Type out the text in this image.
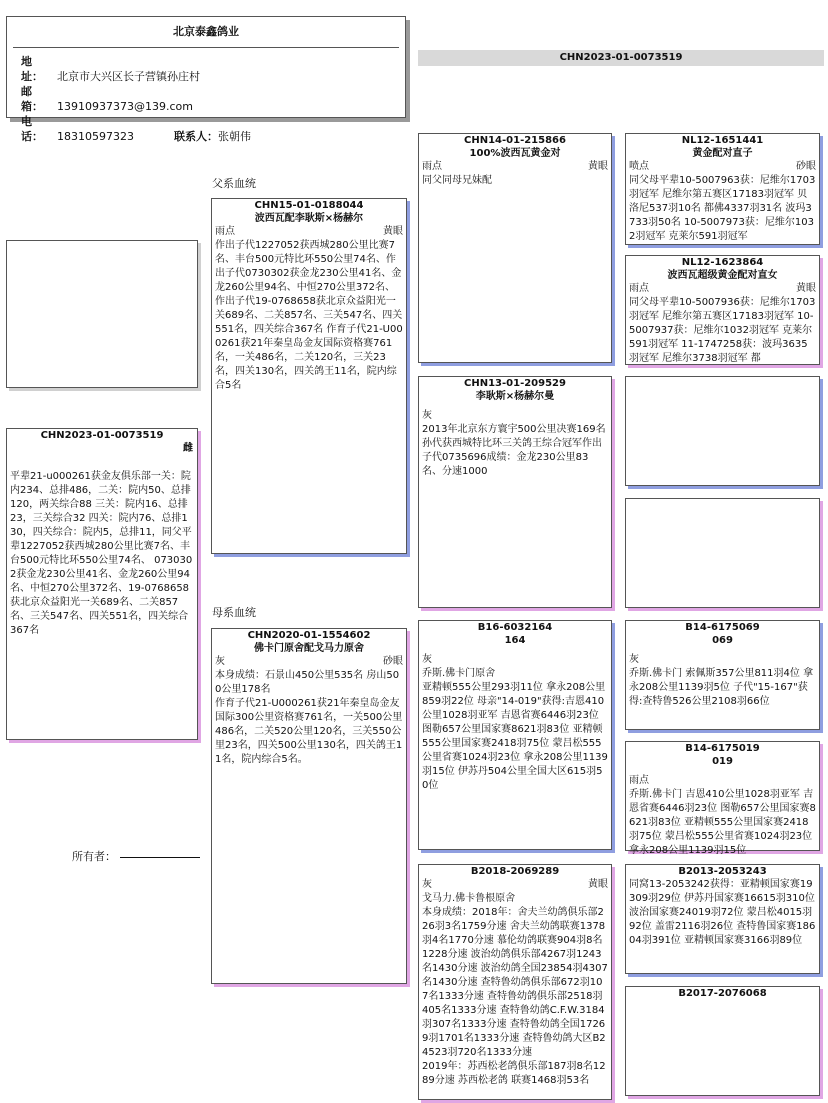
北京泰鑫鸽业
地 址： 北京市大兴区长子营镇孙庄村
邮 箱： 13910937373@139.com
电 话： 18310597323	联系人：张朝伟
CHN2023-01-0073519
CHN2023-01-0073519
雌
平辈21-u000261获金友俱乐部一关：院内234、总排486，二关：院内50、总排120，两关综合88 三关：院内16、总排23，三关综合32 四关：院内76、总排130，四关综合：院内5，总排11，同父平辈1227052获西城280公里比赛7名、丰台500元特比环550公里74名、 0730302获金龙230公里41名、金龙260公里94名、中恒270公里372名、19-0768658获北京众益阳光一关689名、二关857名、三关547名、四关551名，四关综合367名
父系血统
母系血统
所有者：
CHN15-01-0188044
波西瓦配李耿斯×杨赫尔
雨点	黄眼
作出子代1227052获西城280公里比赛7名、丰台500元特比环550公里74名、作出子代0730302获金龙230公里41名、金龙260公里94名、中恒270公里372名、 作出子代19-0768658获北京众益阳光一关689名、二关857名、三关547名、四关551名，四关综合367名 作育子代21-U000261获21年秦皇岛金友国际资格赛761名，一关486名，二关120名，三关23名，四关130名，四关鸽王11名，院内综合5名
CHN2020-01-1554602
佛卡门原舍配戈马力原舍
灰	砂眼
本身成绩：石景山450公里535名 房山500公里178名
作育子代21-U000261获21年秦皇岛金友国际300公里资格赛761名，一关500公里486名，二关520公里120名，三关550公里23名，四关500公里130名，四关鸽王11名，院内综合5名。
CHN14-01-215866
100%波西瓦黄金对
雨点	黄眼
同父同母兄妹配
CHN13-01-209529
李耿斯×杨赫尔曼
灰
2013年北京东方寰宇500公里决赛169名孙代获西城特比环三关鸽王综合冠军作出子代0735696成绩：金龙230公里83名、分速1000
B16-6032164
164
灰
乔斯.佛卡门原舍
亚精顿555公里293羽11位 拿永208公里859羽22位 母亲"14-019"获得:吉恩410公里1028羽亚军 吉恩省赛6446羽23位 图勒657公里国家赛8621羽83位 亚精顿555公里国家赛2418羽75位 蒙吕松555公里省赛1024羽23位 拿永208公里1139羽15位 伊苏丹504公里全国大区615羽50位
B2018-2069289
灰	黄眼
戈马力.佛卡鲁根原舍
本身成绩：2018年：舍夫兰幼鸽俱乐部226羽3名1759分速 舍夫兰幼鸽联赛1378羽4名1770分速 慕伦幼鸽联赛904羽8名1228分速 波治幼鸽俱乐部4267羽1243名1430分速 波治幼鸽全国23854羽4307名1430分速 查特鲁幼鸽俱乐部672羽107名1333分速 查特鲁幼鸽俱乐部2518羽405名1333分速 查特鲁幼鸽C.F.W.3184羽307名1333分速 查特鲁幼鸽全国17269羽1701名1333分速 查特鲁幼鸽大区B2 4523羽720名1333分速
2019年：苏西松老鸽俱乐部187羽8名1289分速 苏西松老鸽 联赛1468羽53名
NL12-1651441
黄金配对直子
喷点	砂眼
同父母平辈10-5007963获：尼维尔1703羽冠军 尼维尔第五赛区17183羽冠军 贝洛尼537羽10名 都佛4337羽31名 波玛3733羽50名 10-5007973获：尼维尔1032羽冠军 克莱尔591羽冠军
NL12-1623864
波西瓦超级黄金配对直女
雨点	黄眼
同父母平辈10-5007936获：尼维尔1703羽冠军 尼维尔第五赛区17183羽冠军 10-5007937获：尼维尔1032羽冠军 克莱尔591羽冠军 11-1747258获：波玛3635羽冠军 尼维尔3738羽冠军 都
B14-6175069
069
灰
乔斯.佛卡门 索佩斯357公里811羽4位 拿永208公里1139羽5位 子代"15-167"获得:查特鲁526公里2108羽66位
B14-6175019
019
雨点
乔斯.佛卡门 吉恩410公里1028羽亚军 吉恩省赛6446羽23位 图勒657公里国家赛8621羽83位 亚精顿555公里国家赛2418羽75位 蒙吕松555公里省赛1024羽23位 拿永208公里1139羽15位
B2013-2053243
同窝13-2053242获得：亚精顿国家赛19309羽29位 伊苏丹国家赛16615羽310位 波治国家赛24019羽72位 蒙吕松4015羽 92位 盖雷2116羽26位 查特鲁国家赛18604羽391位 亚精顿国家赛3166羽89位
B2017-2076068
